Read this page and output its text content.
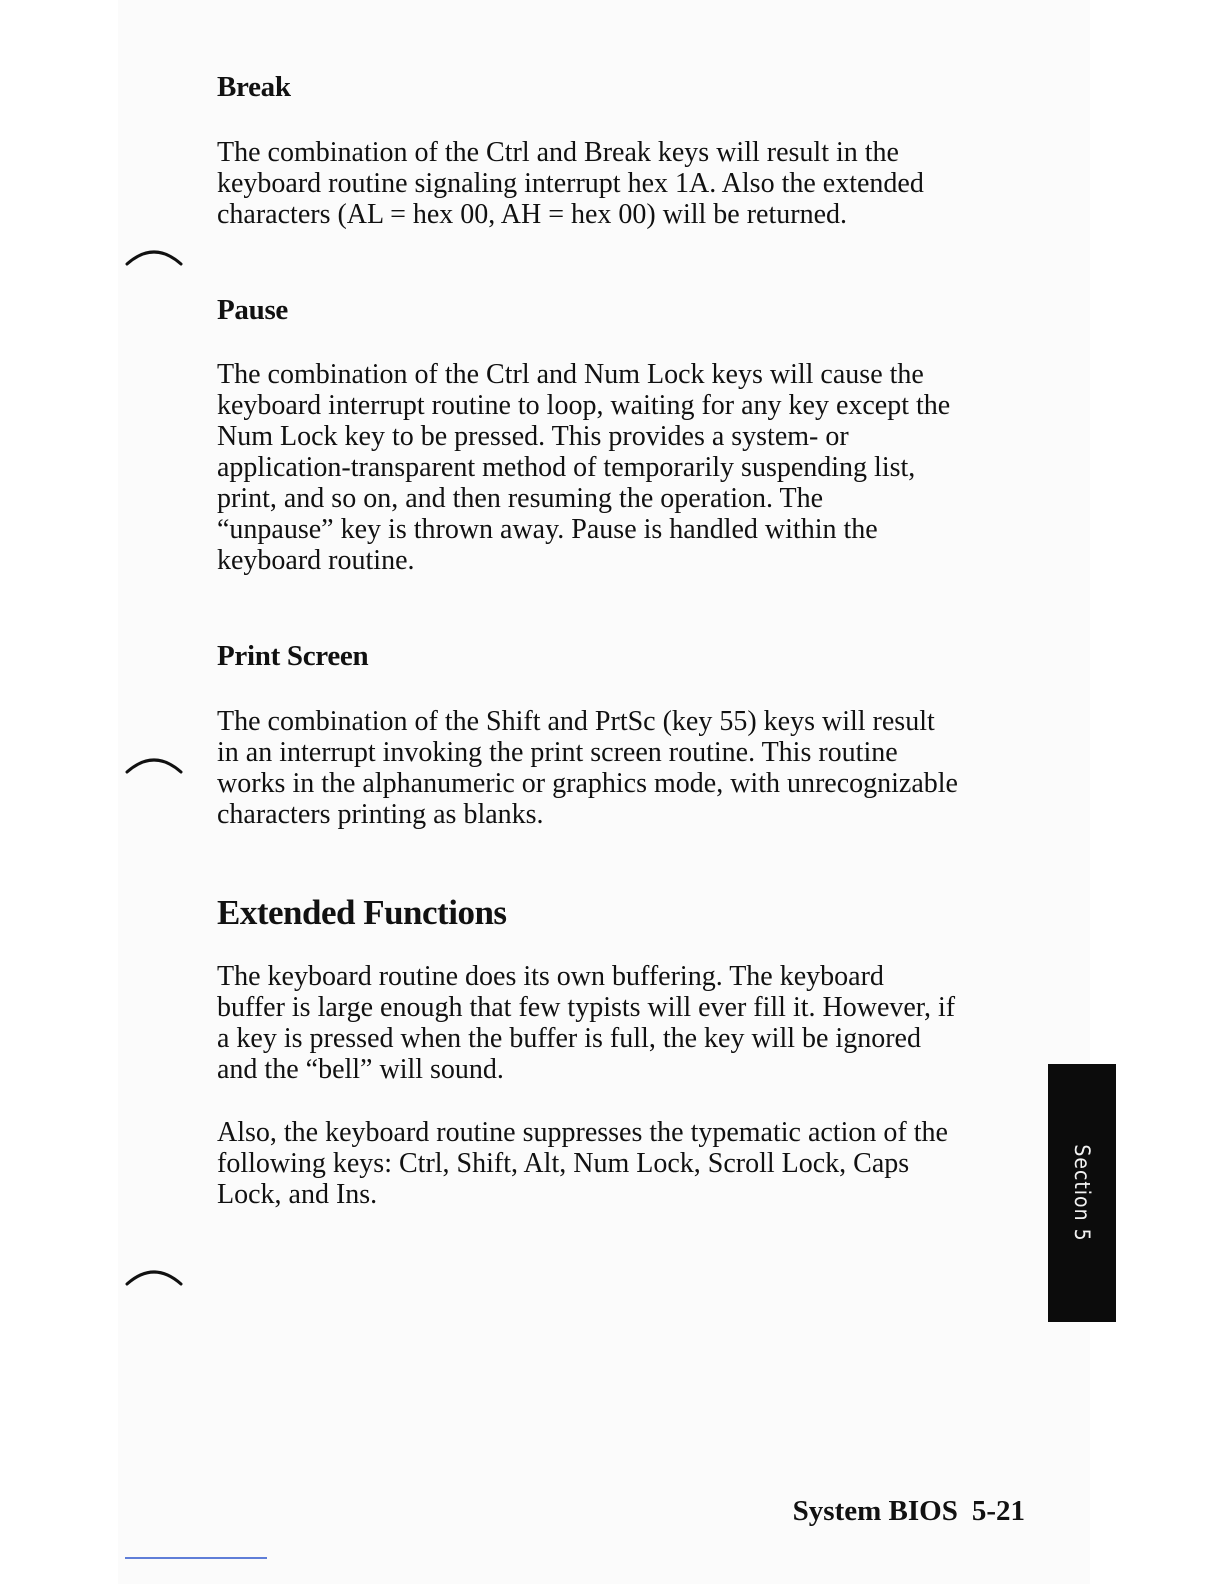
Break
The combination of the Ctrl and Break keys will result in the
keyboard routine signaling interrupt hex 1A. Also the extended
characters (AL = hex 00, AH = hex 00) will be returned.
Pause
The combination of the Ctrl and Num Lock keys will cause the
keyboard interrupt routine to loop, waiting for any key except the
Num Lock key to be pressed. This provides a system- or
application-transparent method of temporarily suspending list,
print, and so on, and then resuming the operation. The
“unpause” key is thrown away. Pause is handled within the
keyboard routine.
Print Screen
The combination of the Shift and PrtSc (key 55) keys will result
in an interrupt invoking the print screen routine. This routine
works in the alphanumeric or graphics mode, with unrecognizable
characters printing as blanks.
Extended Functions
The keyboard routine does its own buffering. The keyboard
buffer is large enough that few typists will ever fill it. However, if
a key is pressed when the buffer is full, the key will be ignored
and the “bell” will sound.
Also, the keyboard routine suppresses the typematic action of the
following keys: Ctrl, Shift, Alt, Num Lock, Scroll Lock, Caps
Lock, and Ins.	Section 5
System BIOS 5-21
